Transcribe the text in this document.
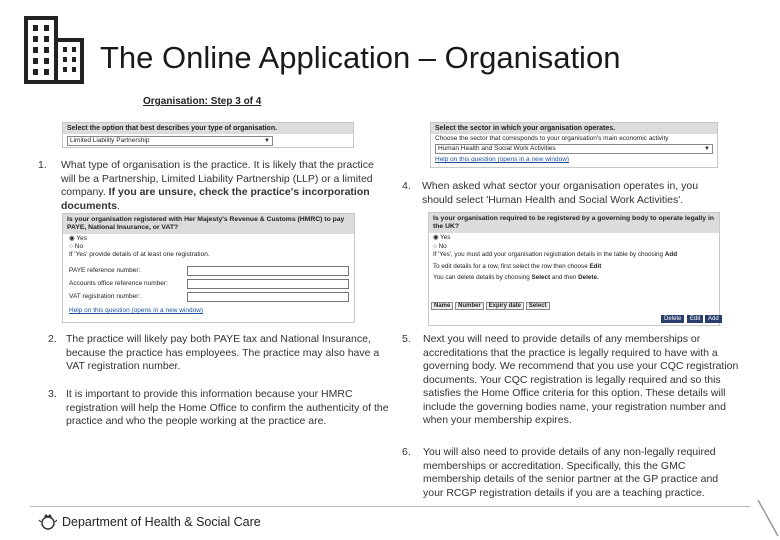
The Online Application – Organisation
Organisation: Step 3 of 4
Select the option that best describes your type of organisation.
Limited Liability Partnership	▼
Select the sector in which your organisation operates.
Choose the sector that corresponds to your organisation's main economic activity
Human Health and Social Work Activities	▼
Help on this question (opens in a new window)
1. What type of organisation is the practice. It is likely that the practice will be a Partnership, Limited Liability Partnership (LLP) or a limited company. If you are unsure, check the practice's incorporation documents.
Is your organisation registered with Her Majesty's Revenue & Customs (HMRC) to pay PAYE, National Insurance, or VAT?
◉ Yes
○ No
If 'Yes' provide details of at least one registration.
PAYE reference number:
Accounts office reference number:
VAT registration number:
Help on this question (opens in a new window)
4. When asked what sector your organisation operates in, you should select 'Human Health and Social Work Activities'.
Is your organisation required to be registered by a governing body to operate legally in the UK?
◉ Yes
○ No
If 'Yes', you must add your organisation registration details in the table by choosing Add
To edit details for a row, first select the row then choose Edit
You can delete details by choosing Select and then Delete.
Name Number Expiry date Select
Delete	Edit	Add
2. The practice will likely pay both PAYE tax and National Insurance, because the practice has employees. The practice may also have a VAT registration number.
3. It is important to provide this information because your HMRC registration will help the Home Office to confirm the authenticity of the practice and who the people working at the practice are.
5. Next you will need to provide details of any memberships or accreditations that the practice is legally required to have with a governing body. We recommend that you use your CQC registration documents. Your CQC registration is legally required and so this satisfies the Home Office criteria for this option. These details will include the governing bodies name, your registration number and when your membership expires.
6. You will also need to provide details of any non-legally required memberships or accreditation. Specifically, this the GMC membership details of the senior partner at the GP practice and your RCGP registration details if you are a teaching practice.
Department of Health & Social Care
